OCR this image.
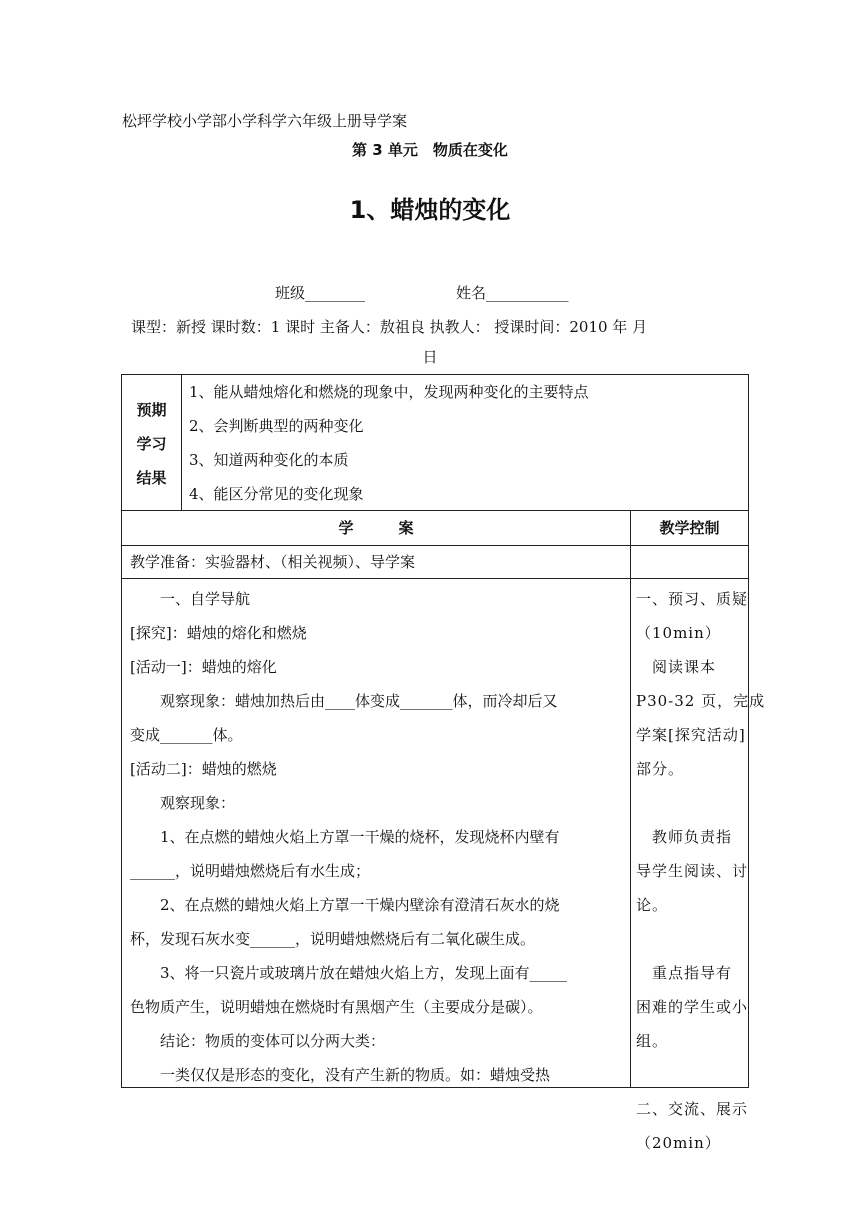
松坪学校小学部小学科学六年级上册导学案
第 3 单元　物质在变化
1、蜡烛的变化
班级________	姓名___________
课型：新授 课时数：1 课时 主备人：敖祖良 执教人： 授课时间：2010 年 月
日
预期
学习
结果
1、能从蜡烛熔化和燃烧的现象中，发现两种变化的主要特点
2、会判断典型的两种变化
3、知道两种变化的本质
4、能区分常见的变化现象
学　　　案	教学控制
教学准备：实验器材、（相关视频）、导学案
　　一、自学导航
[探究]：蜡烛的熔化和燃烧
[活动一]：蜡烛的熔化
　　观察现象：蜡烛加热后由____体变成_______体，而冷却后又
变成_______体。
[活动二]：蜡烛的燃烧
　　观察现象：
　　1、在点燃的蜡烛火焰上方罩一干燥的烧杯，发现烧杯内壁有
______，说明蜡烛燃烧后有水生成；
　　2、在点燃的蜡烛火焰上方罩一干燥内壁涂有澄清石灰水的烧
杯，发现石灰水变______，说明蜡烛燃烧后有二氧化碳生成。
　　3、将一只瓷片或玻璃片放在蜡烛火焰上方，发现上面有_____
色物质产生，说明蜡烛在燃烧时有黑烟产生（主要成分是碳）。
　　结论：物质的变体可以分两大类：
　　一类仅仅是形态的变化，没有产生新的物质。如：蜡烛受热
一、预习、质疑
（10min）
　阅读课本
P30-32 页，完成
学案[探究活动]
部分。
　教师负责指
导学生阅读、讨
论。
　重点指导有
困难的学生或小
组。
二、交流、展示
（20min）
